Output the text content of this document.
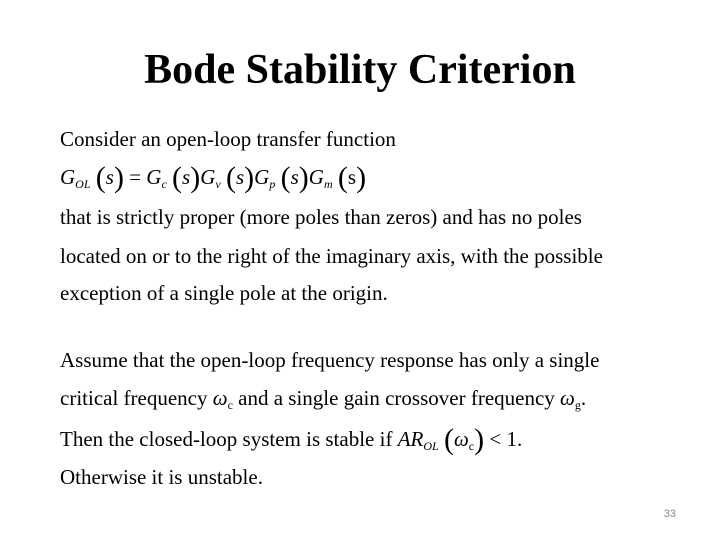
Bode Stability Criterion
Consider an open-loop transfer function
$G_{OL}$ $(s) = G_c$ $(s)G_v$ $(s)G_p$ $(s)G_m$ (s)
that is strictly proper (more poles than zeros) and has no poles
located on or to the right of the imaginary axis, with the possible
exception of a single pole at the origin.
Assume that the open-loop frequency response has only a single
critical frequency ωc and a single gain crossover frequency ωg.
Then the closed-loop system is stable if $AR_{OL}$ (ωc) < 1.
Otherwise it is unstable.
33
